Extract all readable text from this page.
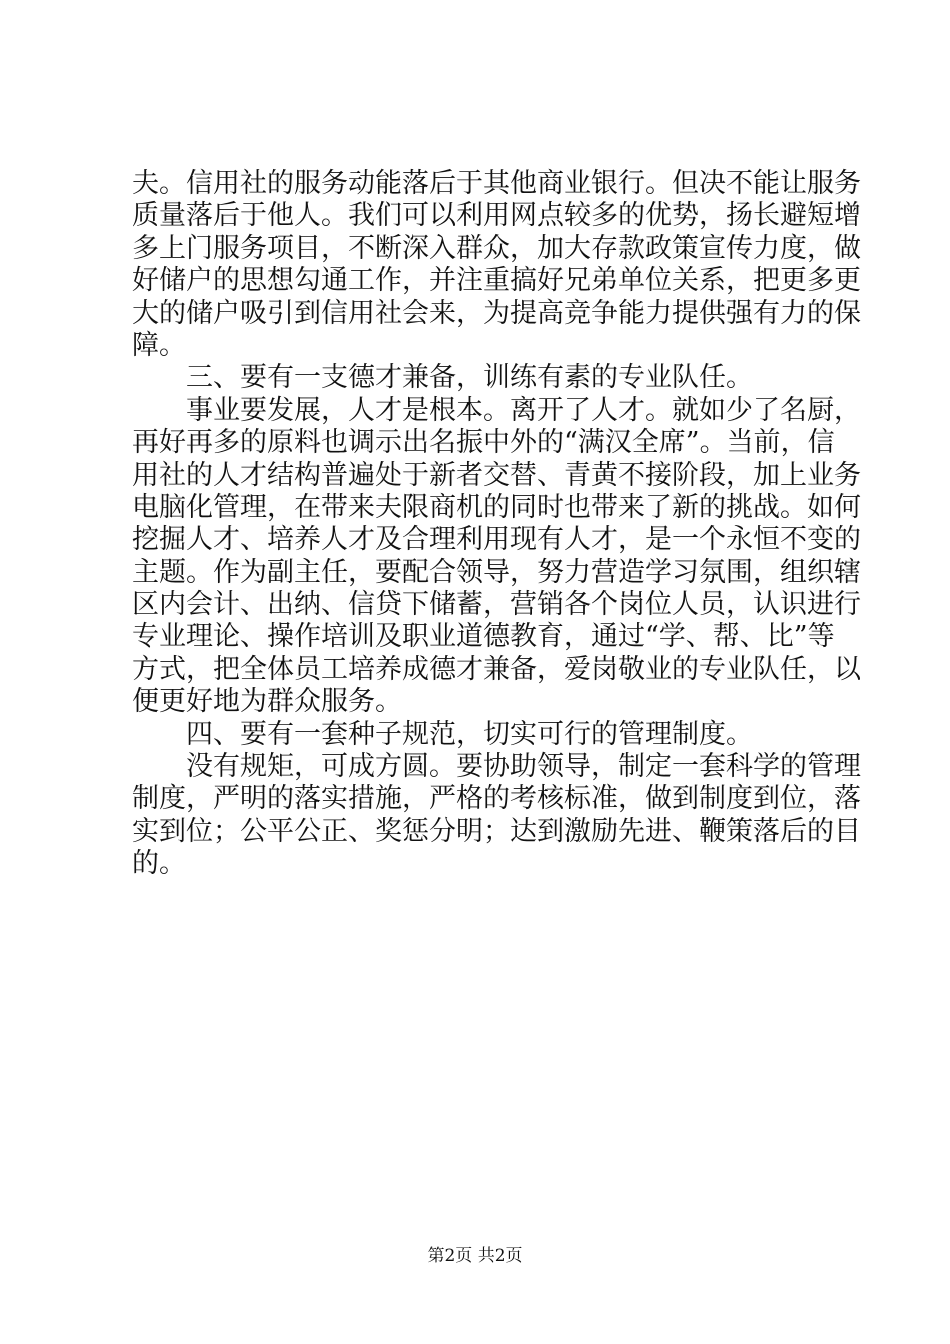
夫。信用社的服务动能落后于其他商业银行。但决不能让服务
质量落后于他人。我们可以利用网点较多的优势，扬长避短增
多上门服务项目，不断深入群众，加大存款政策宣传力度，做
好储户的思想勾通工作，并注重搞好兄弟单位关系，把更多更
大的储户吸引到信用社会来，为提高竞争能力提供强有力的保
障。
三、要有一支德才兼备，训练有素的专业队任。
事业要发展，人才是根本。离开了人才。就如少了名厨，
再好再多的原料也调示出名振中外的“满汉全席”。当前，信
用社的人才结构普遍处于新者交替、青黄不接阶段，加上业务
电脑化管理，在带来夫限商机的同时也带来了新的挑战。如何
挖掘人才、培养人才及合理利用现有人才，是一个永恒不变的
主题。作为副主任，要配合领导，努力营造学习氛围，组织辖
区内会计、出纳、信贷下储蓄，营销各个岗位人员，认识进行
专业理论、操作培训及职业道德教育，通过“学、帮、比”等
方式，把全体员工培养成德才兼备，爱岗敬业的专业队任，以
便更好地为群众服务。
四、要有一套种子规范，切实可行的管理制度。
没有规矩，可成方圆。要协助领导，制定一套科学的管理
制度，严明的落实措施，严格的考核标准，做到制度到位，落
实到位；公平公正、奖惩分明；达到激励先进、鞭策落后的目
的。
第2页 共2页
